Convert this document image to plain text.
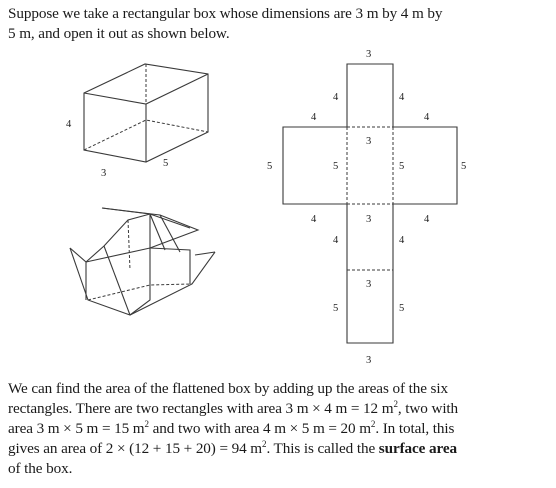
Suppose we take a rectangular box whose dimensions are 3 m by 4 m by
5 m, and open it out as shown below.

4
3
5
3
4	4
4	4
3
5	5	5	5
4	3	4
4	4
3
5	5
3

We can find the area of the flattened box by adding up the areas of the six
rectangles. There are two rectangles with area 3 m × 4 m = 12 $m^2$, two with
area 3 m × 5 m = 15 $m^2$ and two with area 4 m × 5 m = 20 $m^2$. In total, this
gives an area of 2 × (12 + 15 + 20) = 94 $m^2$. This is called the surface area
of the box.
